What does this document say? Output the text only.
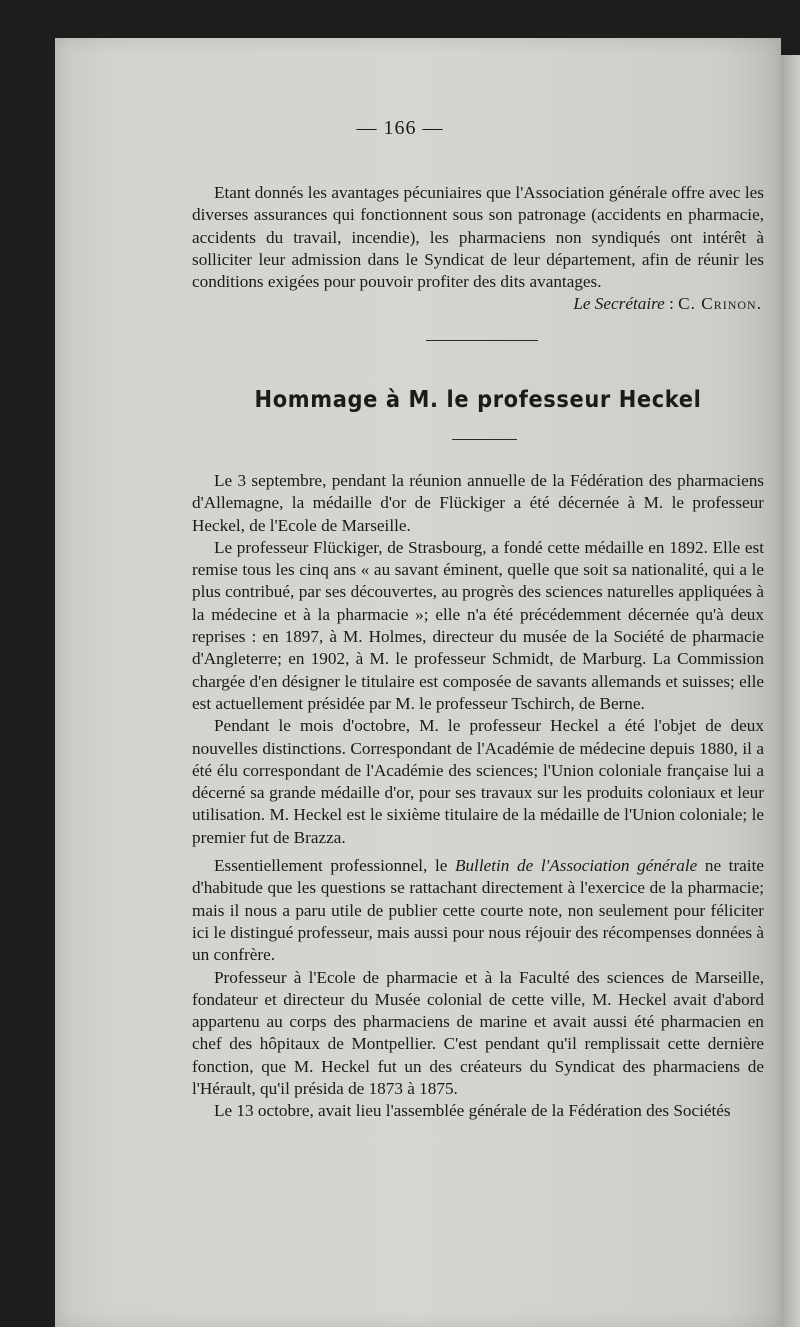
— 166 —

Etant donnés les avantages pécuniaires que l'Association générale offre avec les diverses assurances qui fonctionnent sous son patronage (accidents en pharmacie, accidents du travail, incendie), les pharmaciens non syndiqués ont intérêt à solliciter leur admission dans le Syndicat de leur département, afin de réunir les conditions exigées pour pouvoir profiter des dits avantages.

Le Secrétaire : C. Crinon.

Hommage à M. le professeur Heckel

Le 3 septembre, pendant la réunion annuelle de la Fédération des pharmaciens d'Allemagne, la médaille d'or de Flückiger a été décernée à M. le professeur Heckel, de l'Ecole de Marseille.

Le professeur Flückiger, de Strasbourg, a fondé cette médaille en 1892. Elle est remise tous les cinq ans « au savant éminent, quelle que soit sa nationalité, qui a le plus contribué, par ses découvertes, au progrès des sciences naturelles appliquées à la médecine et à la pharmacie »; elle n'a été précédemment décernée qu'à deux reprises : en 1897, à M. Holmes, directeur du musée de la Société de pharmacie d'Angleterre; en 1902, à M. le professeur Schmidt, de Marburg. La Commission chargée d'en désigner le titulaire est composée de savants allemands et suisses; elle est actuellement présidée par M. le professeur Tschirch, de Berne.

Pendant le mois d'octobre, M. le professeur Heckel a été l'objet de deux nouvelles distinctions. Correspondant de l'Académie de médecine depuis 1880, il a été élu correspondant de l'Académie des sciences; l'Union coloniale française lui a décerné sa grande médaille d'or, pour ses travaux sur les produits coloniaux et leur utilisation. M. Heckel est le sixième titulaire de la médaille de l'Union coloniale; le premier fut de Brazza.

Essentiellement professionnel, le Bulletin de l'Association générale ne traite d'habitude que les questions se rattachant directement à l'exercice de la pharmacie; mais il nous a paru utile de publier cette courte note, non seulement pour féliciter ici le distingué professeur, mais aussi pour nous réjouir des récompenses données à un confrère.

Professeur à l'Ecole de pharmacie et à la Faculté des sciences de Marseille, fondateur et directeur du Musée colonial de cette ville, M. Heckel avait d'abord appartenu au corps des pharmaciens de marine et avait aussi été pharmacien en chef des hôpitaux de Montpellier. C'est pendant qu'il remplissait cette dernière fonction, que M. Heckel fut un des créateurs du Syndicat des pharmaciens de l'Hérault, qu'il présida de 1873 à 1875.

Le 13 octobre, avait lieu l'assemblée générale de la Fédération des Sociétés
